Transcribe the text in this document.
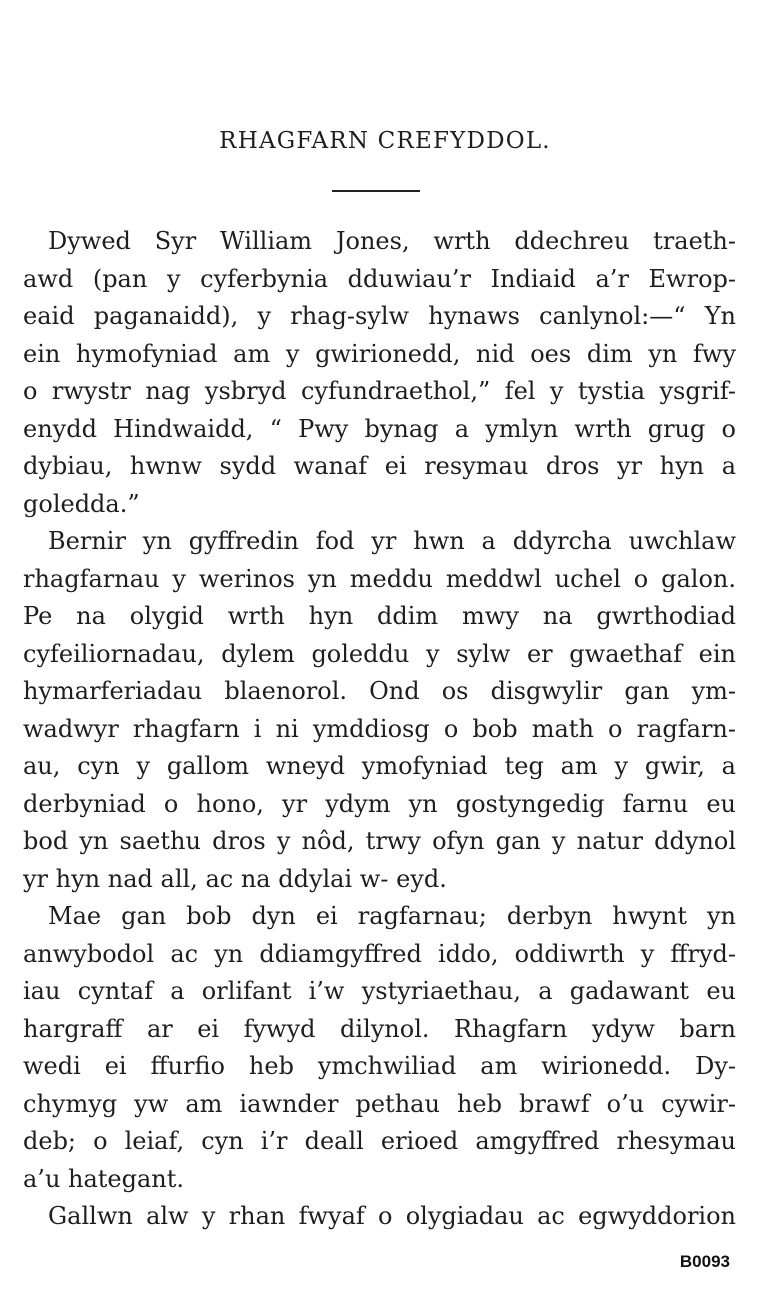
RHAGFARN CREFYDDOL.
Dywed Syr William Jones, wrth ddechreu traeth-
awd (pan y cyferbynia dduwiau’r Indiaid a’r Ewrop-
eaid paganaidd), y rhag-sylw hynaws canlynol:—“ Yn
ein hymofyniad am y gwirionedd, nid oes dim yn fwy
o rwystr nag ysbryd cyfundraethol,” fel y tystia ysgrif-
enydd Hindwaidd, “ Pwy bynag a ymlyn wrth grug o
dybiau, hwnw sydd wanaf ei resymau dros yr hyn a
goledda.”
Bernir yn gyffredin fod yr hwn a ddyrcha uwchlaw
rhagfarnau y werinos yn meddu meddwl uchel o galon.
Pe na olygid wrth hyn ddim mwy na gwrthodiad
cyfeiliornadau, dylem goleddu y sylw er gwaethaf ein
hymarferiadau blaenorol. Ond os disgwylir gan ym-
wadwyr rhagfarn i ni ymddiosg o bob math o ragfarn-
au, cyn y gallom wneyd ymofyniad teg am y gwir, a
derbyniad o hono, yr ydym yn gostyngedig farnu eu
bod yn saethu dros y nôd, trwy ofyn gan y natur ddynol
yr hyn nad all, ac na ddylai w- eyd.
Mae gan bob dyn ei ragfarnau; derbyn hwynt yn
anwybodol ac yn ddiamgyffred iddo, oddiwrth y ffryd-
iau cyntaf a orlifant i’w ystyriaethau, a gadawant eu
hargraff ar ei fywyd dilynol. Rhagfarn ydyw barn
wedi ei ffurfio heb ymchwiliad am wirionedd. Dy-
chymyg yw am iawnder pethau heb brawf o’u cywir-
deb; o leiaf, cyn i’r deall erioed amgyffred rhesymau
a’u hategant.
Gallwn alw y rhan fwyaf o olygiadau ac egwyddorion
B0093
